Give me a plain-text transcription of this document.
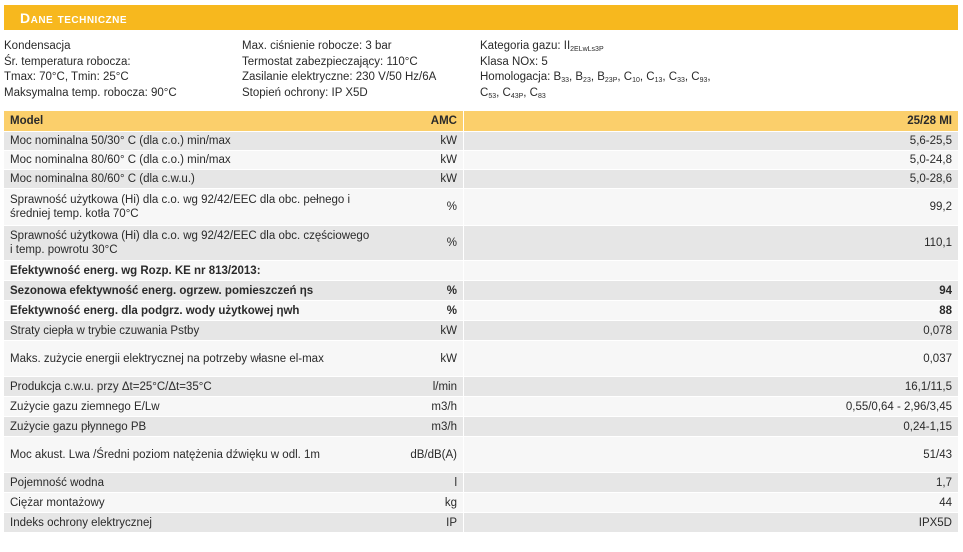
Dane techniczne
Kondensacja
Śr. temperatura robocza:
Tmax: 70°C, Tmin: 25°C
Maksymalna temp. robocza: 90°C
Max. ciśnienie robocze: 3 bar
Termostat zabezpieczający: 110°C
Zasilanie elektryczne: 230 V/50 Hz/6A
Stopień ochrony: IP X5D
Kategoria gazu: $II_{2ELwLs3P}$
Klasa NOx: 5
Homologacja: $B_{33}$, $B_{23}$, $B_{23P}$, $C_{10}$, $C_{13}$, $C_{33}$, $C_{93}$,
$C_{53}$, $C_{43P}$, $C_{83}$
Model	AMC	25/28 MI
Moc nominalna 50/30° C (dla c.o.) min/max	kW	5,6-25,5
Moc nominalna 80/60° C (dla c.o.) min/max	kW	5,0-24,8
Moc nominalna 80/60° C (dla c.w.u.)	kW	5,0-28,6
Sprawność użytkowa (Hi) dla c.o. wg 92/42/EEC dla obc. pełnego i średniej temp. kotła 70°C	%	99,2
Sprawność użytkowa (Hi) dla c.o. wg 92/42/EEC dla obc. częściowego i temp. powrotu 30°C	%	110,1
Efektywność energ. wg Rozp. KE nr 813/2013:		
Sezonowa efektywność energ. ogrzew. pomieszczeń ηs	%	94
Efektywność energ. dla podgrz. wody użytkowej ηwh	%	88
Straty ciepła w trybie czuwania Pstby	kW	0,078
Maks. zużycie energii elektrycznej na potrzeby własne el-max	kW	0,037
Produkcja c.w.u. przy Δt=25°C/Δt=35°C	l/min	16,1/11,5
Zużycie gazu ziemnego E/Lw	m3/h	0,55/0,64 - 2,96/3,45
Zużycie gazu płynnego PB	m3/h	0,24-1,15
Moc akust. Lwa /Średni poziom natężenia dźwięku w odl. 1m	dB/dB(A)	51/43
Pojemność wodna	l	1,7
Ciężar montażowy	kg	44
Indeks ochrony elektrycznej	IP	IPX5D
